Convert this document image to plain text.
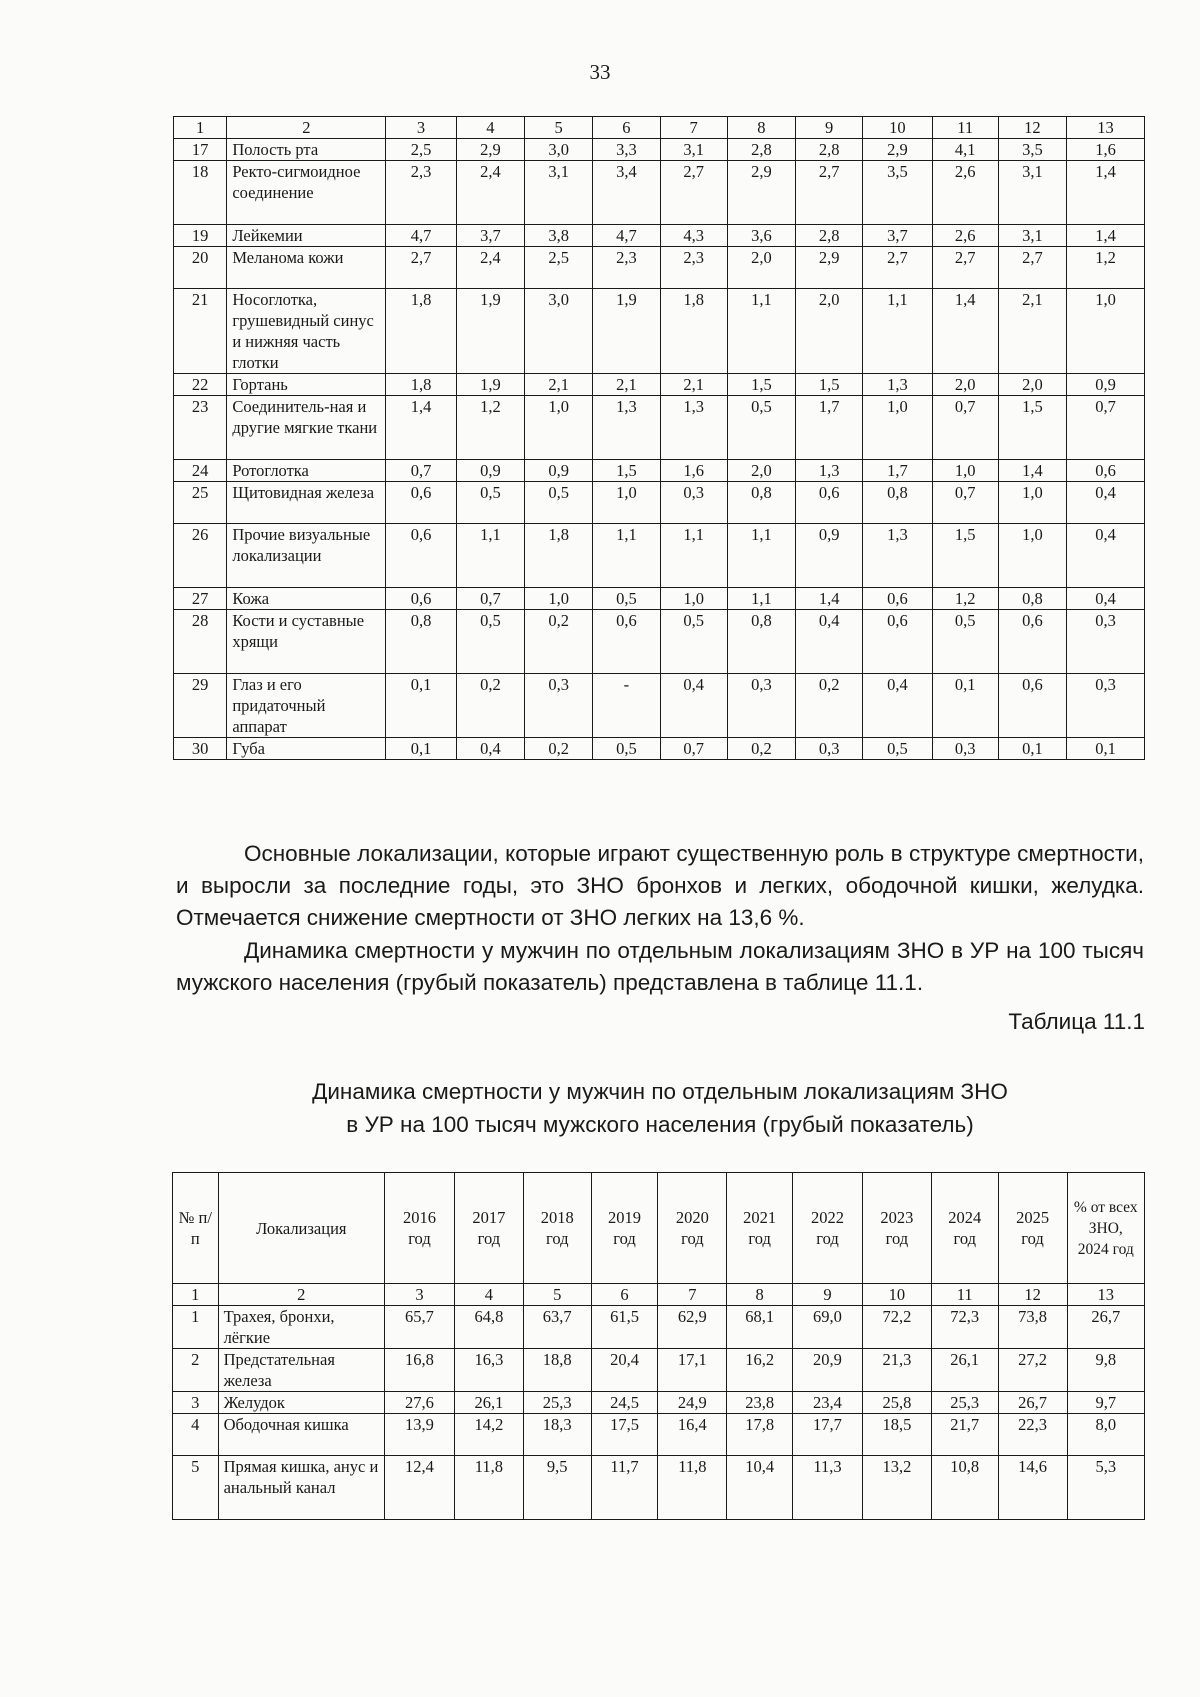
33
1	2	3	4	5	6	7	8	9	10	11	12	13
17	Полость рта	2,5	2,9	3,0	3,3	3,1	2,8	2,8	2,9	4,1	3,5	1,6
18	Ректо-сигмоидное соединение	2,3	2,4	3,1	3,4	2,7	2,9	2,7	3,5	2,6	3,1	1,4
19	Лейкемии	4,7	3,7	3,8	4,7	4,3	3,6	2,8	3,7	2,6	3,1	1,4
20	Меланома кожи	2,7	2,4	2,5	2,3	2,3	2,0	2,9	2,7	2,7	2,7	1,2
21	Носоглотка, грушевидный синус и нижняя часть глотки	1,8	1,9	3,0	1,9	1,8	1,1	2,0	1,1	1,4	2,1	1,0
22	Гортань	1,8	1,9	2,1	2,1	2,1	1,5	1,5	1,3	2,0	2,0	0,9
23	Соединитель-ная и другие мягкие ткани	1,4	1,2	1,0	1,3	1,3	0,5	1,7	1,0	0,7	1,5	0,7
24	Ротоглотка	0,7	0,9	0,9	1,5	1,6	2,0	1,3	1,7	1,0	1,4	0,6
25	Щитовидная железа	0,6	0,5	0,5	1,0	0,3	0,8	0,6	0,8	0,7	1,0	0,4
26	Прочие визуальные локализации	0,6	1,1	1,8	1,1	1,1	1,1	0,9	1,3	1,5	1,0	0,4
27	Кожа	0,6	0,7	1,0	0,5	1,0	1,1	1,4	0,6	1,2	0,8	0,4
28	Кости и суставные хрящи	0,8	0,5	0,2	0,6	0,5	0,8	0,4	0,6	0,5	0,6	0,3
29	Глаз и его придаточный аппарат	0,1	0,2	0,3	-	0,4	0,3	0,2	0,4	0,1	0,6	0,3
30	Губа	0,1	0,4	0,2	0,5	0,7	0,2	0,3	0,5	0,3	0,1	0,1

Основные локализации, которые играют существенную роль в структуре смертности, и выросли за последние годы, это ЗНО бронхов и легких, ободочной кишки, желудка. Отмечается снижение смертности от ЗНО легких на 13,6 %.

Динамика смертности у мужчин по отдельным локализациям ЗНО в УР на 100 тысяч мужского населения (грубый показатель) представлена в таблице 11.1.

Таблица 11.1

Динамика смертности у мужчин по отдельным локализациям ЗНО
в УР на 100 тысяч мужского населения (грубый показатель)
№ п/п	Локализация	2016 год	2017 год	2018 год	2019 год	2020 год	2021 год	2022 год	2023 год	2024 год	2025 год	% от всех ЗНО, 2024 год
1	2	3	4	5	6	7	8	9	10	11	12	13
1	Трахея, бронхи, лёгкие	65,7	64,8	63,7	61,5	62,9	68,1	69,0	72,2	72,3	73,8	26,7
2	Предстательная железа	16,8	16,3	18,8	20,4	17,1	16,2	20,9	21,3	26,1	27,2	9,8
3	Желудок	27,6	26,1	25,3	24,5	24,9	23,8	23,4	25,8	25,3	26,7	9,7
4	Ободочная кишка	13,9	14,2	18,3	17,5	16,4	17,8	17,7	18,5	21,7	22,3	8,0
5	Прямая кишка, анус и анальный канал	12,4	11,8	9,5	11,7	11,8	10,4	11,3	13,2	10,8	14,6	5,3
